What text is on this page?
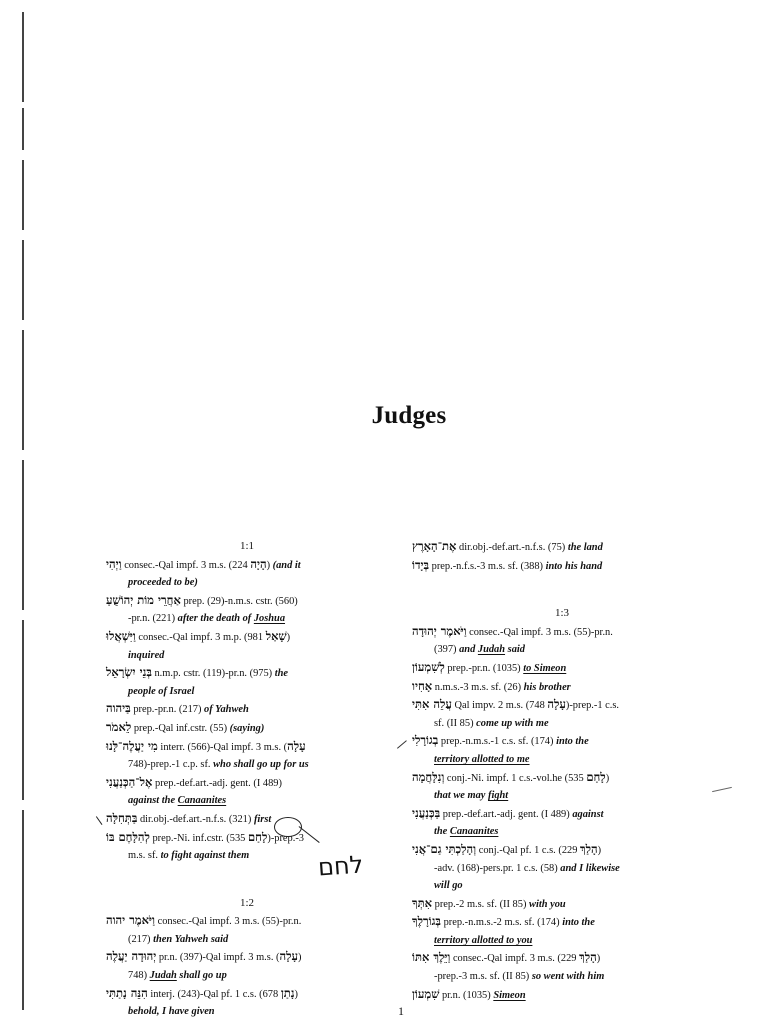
Judges
1:1
וַיְהִי consec.-Qal impf. 3 m.s. ( הָיָה 224) (and it
proceeded to be)
אַחֲרֵי מוֹת יְהוֹשֻׁעַ prep. (29)-n.m.s. cstr. (560)
-pr.n. (221) after the death of Joshua
וַיִּשְׁאֲלוּ consec.-Qal impf. 3 m.p. ( שָׁאַל 981)
inquired
בְּנֵי יִשְׂרָאֵל n.m.p. cstr. (119)-pr.n. (975) the
people of Israel
בַּיהוה prep.-pr.n. (217) of Yahweh
לֵאמֹר prep.-Qal inf.cstr. (55) (saying)
מִי יַעֲלֶה־לָּנוּ interr. (566)-Qal impf. 3 m.s. (עָלָה
748)-prep.-1 c.p. sf. who shall go up for us
אֶל־הַכְּנַעֲנִי prep.-def.art.-adj. gent. (I 489)
against the Canaanites
בַּתְּחִלָּה dir.obj.-def.art.-n.f.s. (321) first
לְהִלָּחֶם בּוֹ prep.-Ni. inf.cstr. ( לָחַם 535)-prep.-3
m.s. sf. to fight against them
1:2
וַיֹּאמֶר יהוה consec.-Qal impf. 3 m.s. (55)-pr.n.
(217) then Yahweh said
יְהוּדָה יַעֲלֶה pr.n. (397)-Qal impf. 3 m.s. (עָלָה)
748) Judah shall go up
הִנֵּה נָתַתִּי interj. (243)-Qal pf. 1 c.s. ( נָתַן 678)
behold, I have given
אֶת־הָאָרֶץ dir.obj.-def.art.-n.f.s. (75) the land
בְּיָדוֹ prep.-n.f.s.-3 m.s. sf. (388) into his hand
1:3
וַיֹּאמֶר יְהוּדָה consec.-Qal impf. 3 m.s. (55)-pr.n.
(397) and Judah said
לְשִׁמְעוֹן prep.-pr.n. (1035) to Simeon
אָחִיו n.m.s.-3 m.s. sf. (26) his brother
עֲלֵה אִתִּי Qal impv. 2 m.s. ( עָלָה 748)-prep.-1 c.s.
sf. (II 85) come up with me
בְגוֹרָלִי prep.-n.m.s.-1 c.s. sf. (174) into the
territory allotted to me
וְנִלָּחֲמָה conj.-Ni. impf. 1 c.s.-vol.he ( לָחַם 535)
that we may fight
בַּכְּנַעֲנִי prep.-def.art.-adj. gent. (I 489) against
the Canaanites
וְהָלַכְתִּי גַם־אֲנִי conj.-Qal pf. 1 c.s. ( הָלַךְ 229)
-adv. (168)-pers.pr. 1 c.s. (58) and I likewise
will go
אִתְּךָ prep.-2 m.s. sf. (II 85) with you
בְּגוֹרָלֶךָ prep.-n.m.s.-2 m.s. sf. (174) into the
territory allotted to you
וַיֵּלֶךְ אִתּוֹ consec.-Qal impf. 3 m.s. ( הָלַךְ 229)
-prep.-3 m.s. sf. (II 85) so went with him
שִׁמְעוֹן pr.n. (1035) Simeon
לחם
1
